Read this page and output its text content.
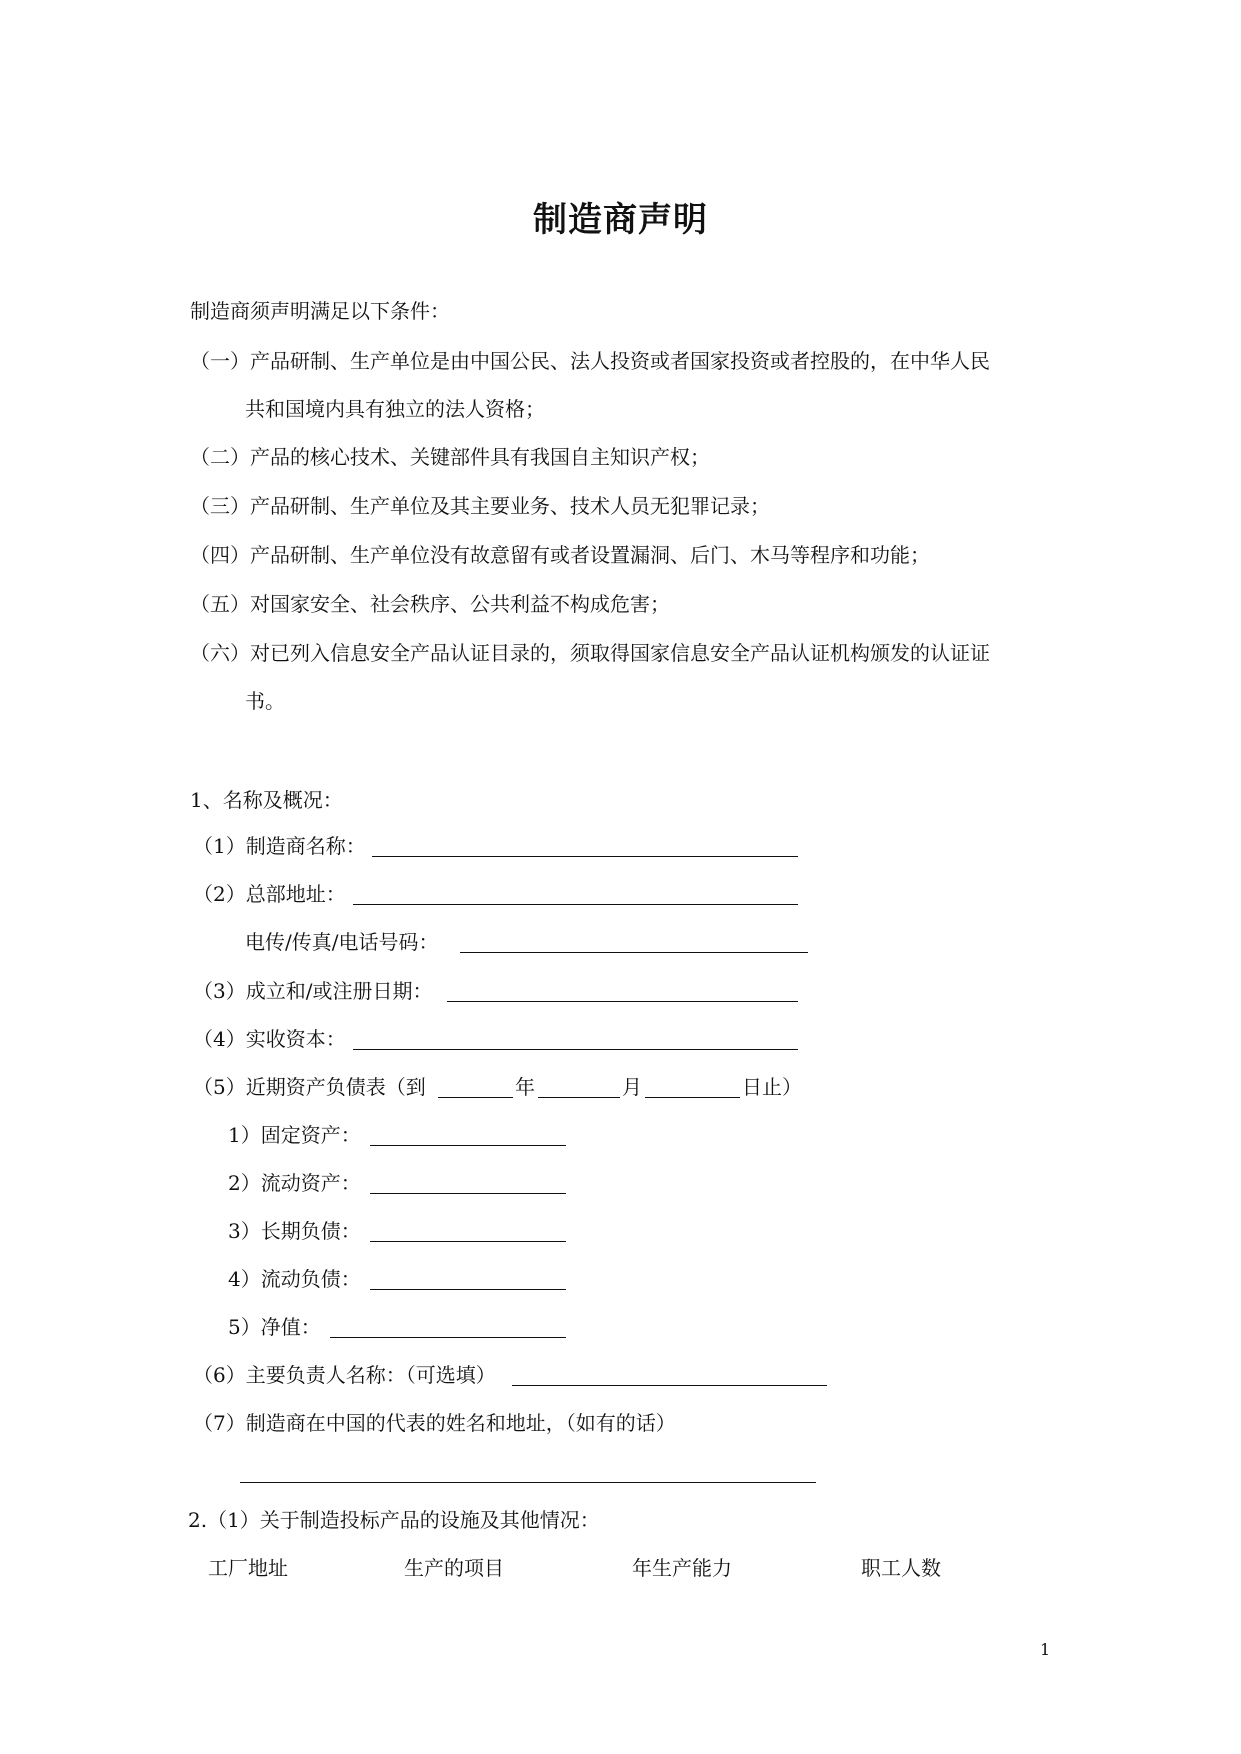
制造商声明
制造商须声明满足以下条件：
（一） 产品研制、生产单位是由中国公民、法人投资或者国家投资或者控股的，在中华人民
共和国境内具有独立的法人资格；
（二） 产品的核心技术、关键部件具有我国自主知识产权；
（三） 产品研制、生产单位及其主要业务、技术人员无犯罪记录；
（四） 产品研制、生产单位没有故意留有或者设置漏洞、后门、木马等程序和功能；
（五） 对国家安全、社会秩序、公共利益不构成危害；
（六） 对已列入信息安全产品认证目录的，须取得国家信息安全产品认证机构颁发的认证证
书。
1、名称及概况：
（1）制造商名称：
（2）总部地址：
电传/传真/电话号码：
（3）成立和/或注册日期：
（4）实收资本：
（5）近期资产负债表（到	年	月	日止）
1）固定资产：
2）流动资产：
3）长期负债：
4）流动负债：
5）净值：
（6）主要负责人名称：（可选填）
（7）制造商在中国的代表的姓名和地址，（如有的话）
2.（1）关于制造投标产品的设施及其他情况：
工厂地址	生产的项目	年生产能力	职工人数
1
